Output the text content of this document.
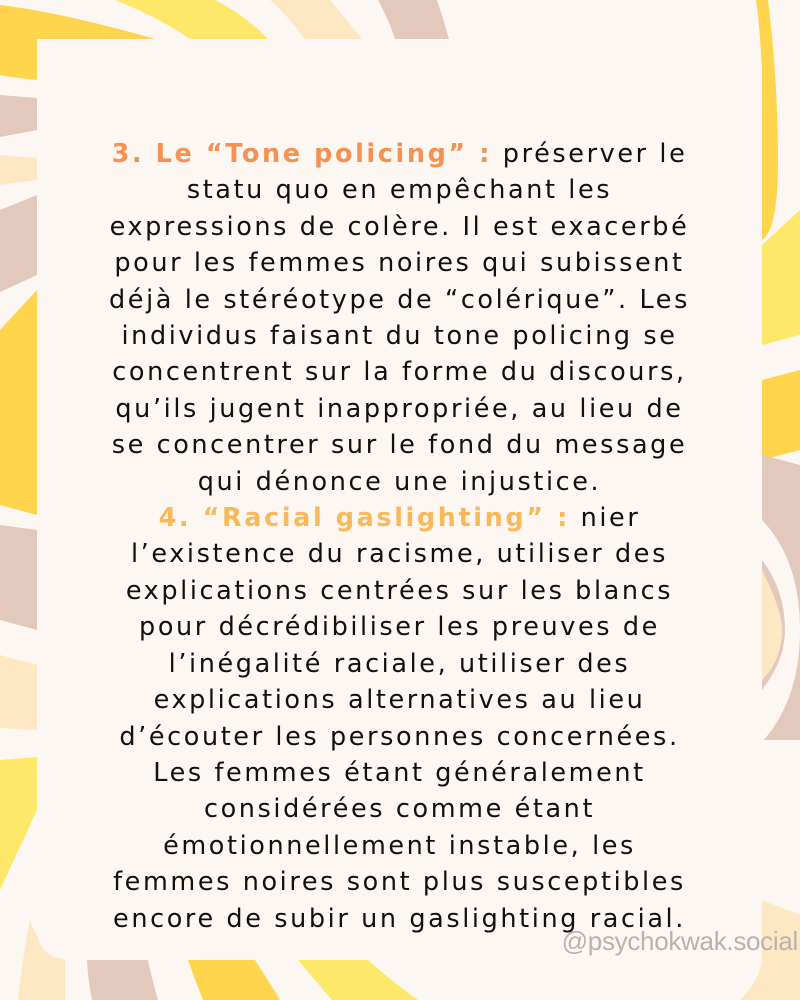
3. Le “Tone policing” : préserver le
statu quo en empêchant les
expressions de colère. Il est exacerbé
pour les femmes noires qui subissent
déjà le stéréotype de “colérique”. Les
individus faisant du tone policing se
concentrent sur la forme du discours,
qu’ils jugent inappropriée, au lieu de
se concentrer sur le fond du message
qui dénonce une injustice.
4. “Racial gaslighting” : nier
l’existence du racisme, utiliser des
explications centrées sur les blancs
pour décrédibiliser les preuves de
l’inégalité raciale, utiliser des
explications alternatives au lieu
d’écouter les personnes concernées.
Les femmes étant généralement
considérées comme étant
émotionnellement instable, les
femmes noires sont plus susceptibles
encore de subir un gaslighting racial.
@psychokwak.social
